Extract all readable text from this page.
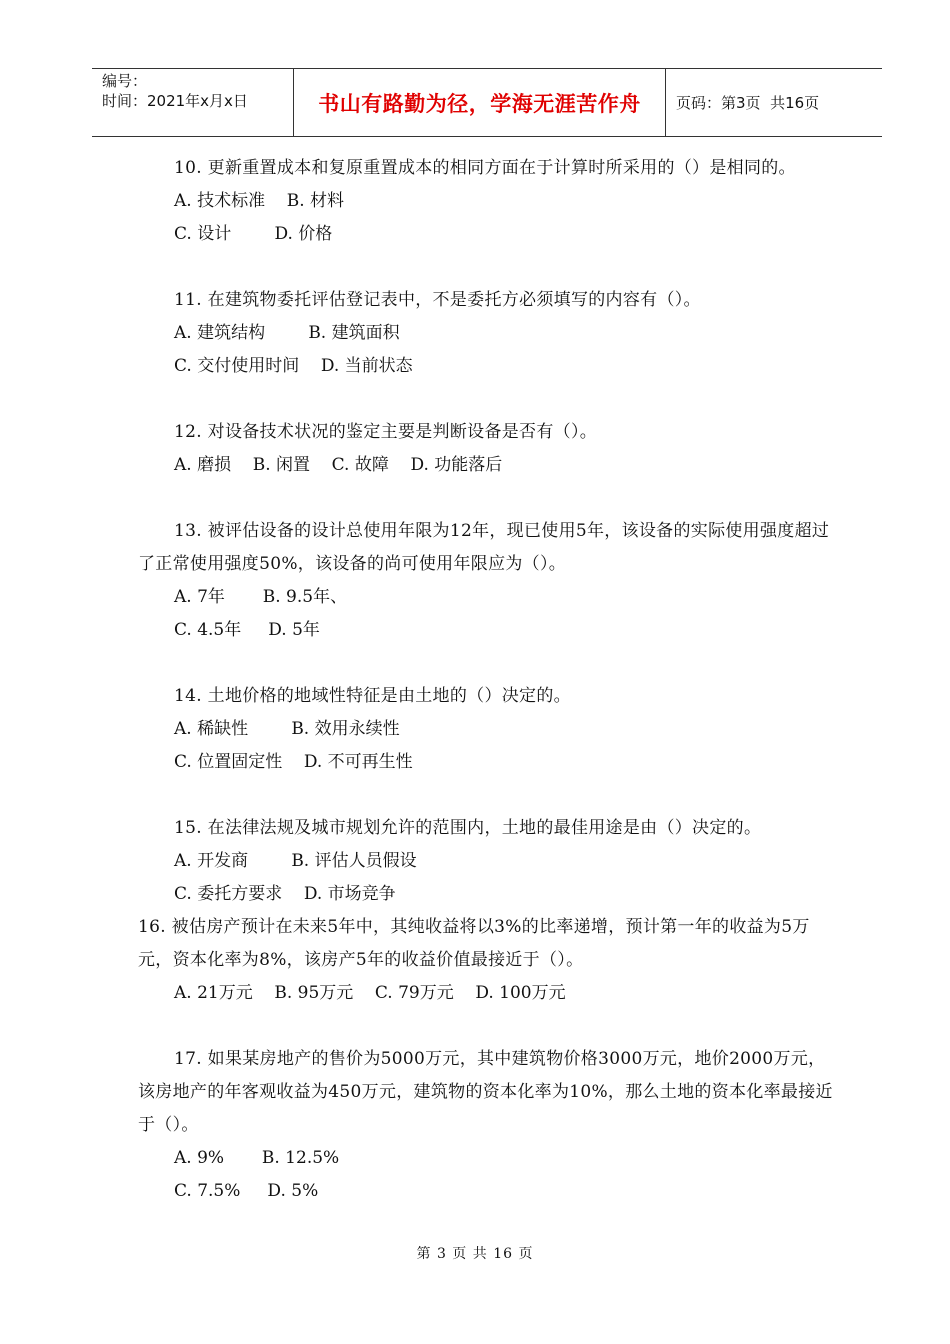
编号：
时间：2021年x月x日	书山有路勤为径，学海无涯苦作舟 页码：第3页  共16页
10. 更新重置成本和复原重置成本的相同方面在于计算时所采用的（）是相同的。
A. 技术标准    B. 材料
C. 设计        D. 价格
11. 在建筑物委托评估登记表中，不是委托方必须填写的内容有（）。
A. 建筑结构        B. 建筑面积
C. 交付使用时间    D. 当前状态
12. 对设备技术状况的鉴定主要是判断设备是否有（）。
A. 磨损    B. 闲置    C. 故障    D. 功能落后
13. 被评估设备的设计总使用年限为12年，现已使用5年，该设备的实际使用强度超过了正常使用强度50%，该设备的尚可使用年限应为（）。
A. 7年       B. 9.5年、
C. 4.5年     D. 5年
14. 土地价格的地域性特征是由土地的（）决定的。
A. 稀缺性        B. 效用永续性
C. 位置固定性    D. 不可再生性
15. 在法律法规及城市规划允许的范围内，土地的最佳用途是由（）决定的。
A. 开发商        B. 评估人员假设
C. 委托方要求    D. 市场竞争
16. 被估房产预计在未来5年中，其纯收益将以3%的比率递增，预计第一年的收益为5万元，资本化率为8%，该房产5年的收益价值最接近于（）。
A. 21万元    B. 95万元    C. 79万元    D. 100万元
17. 如果某房地产的售价为5000万元，其中建筑物价格3000万元，地价2000万元，该房地产的年客观收益为450万元，建筑物的资本化率为10%，那么土地的资本化率最接近于（）。
A. 9%       B. 12.5%
C. 7.5%     D. 5%
第 3 页 共 16 页
